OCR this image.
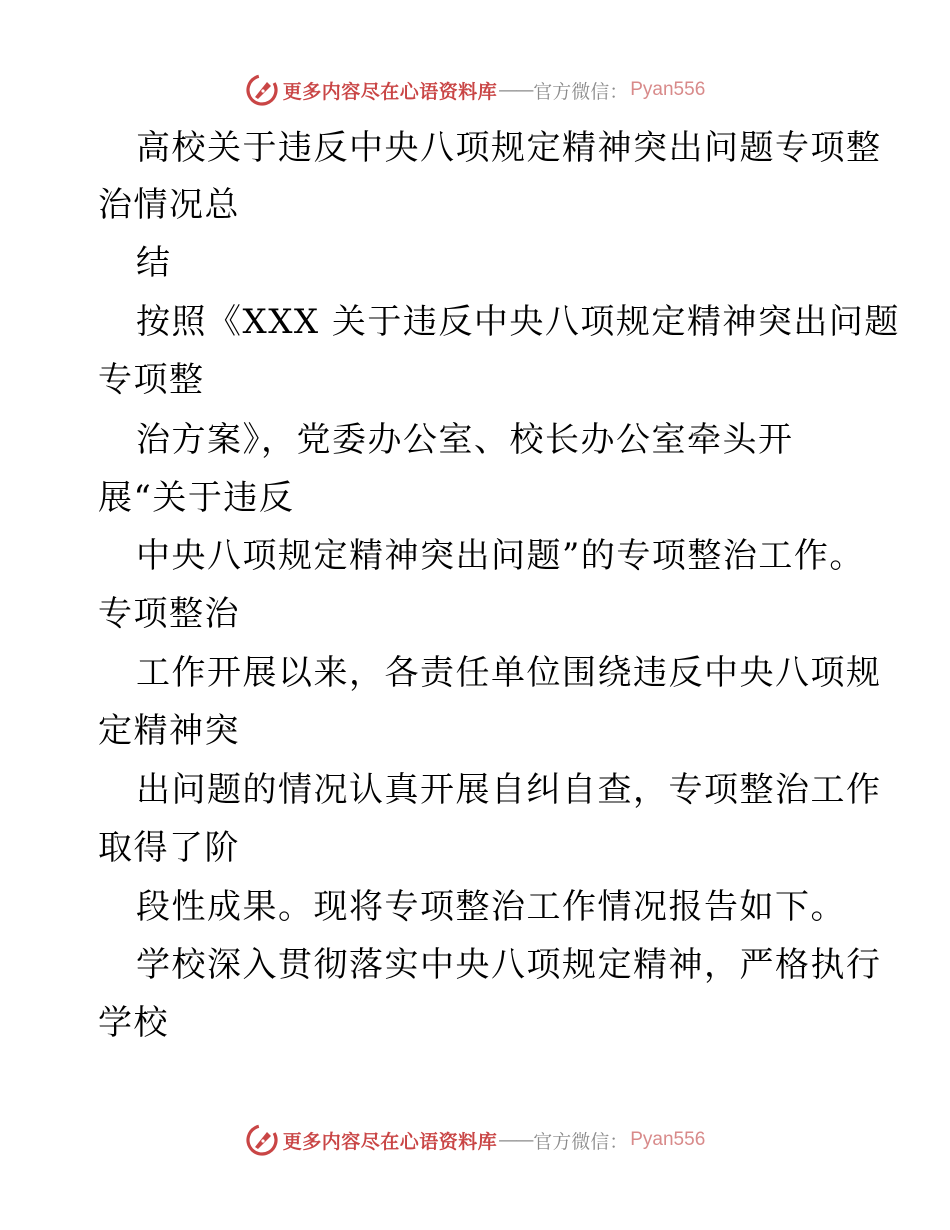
更多内容尽在心语资料库 —— 官方微信： Pyan556
高校关于违反中央八项规定精神突出问题专项整
治情况总
结
按照《XXX 关于违反中央八项规定精神突出问题
专项整
治方案》，党委办公室、校长办公室牵头开
展“关于违反
中央八项规定精神突出问题”的专项整治工作。
专项整治
工作开展以来，各责任单位围绕违反中央八项规
定精神突
出问题的情况认真开展自纠自查，专项整治工作
取得了阶
段性成果。现将专项整治工作情况报告如下。
学校深入贯彻落实中央八项规定精神，严格执行
学校
更多内容尽在心语资料库 —— 官方微信： Pyan556
